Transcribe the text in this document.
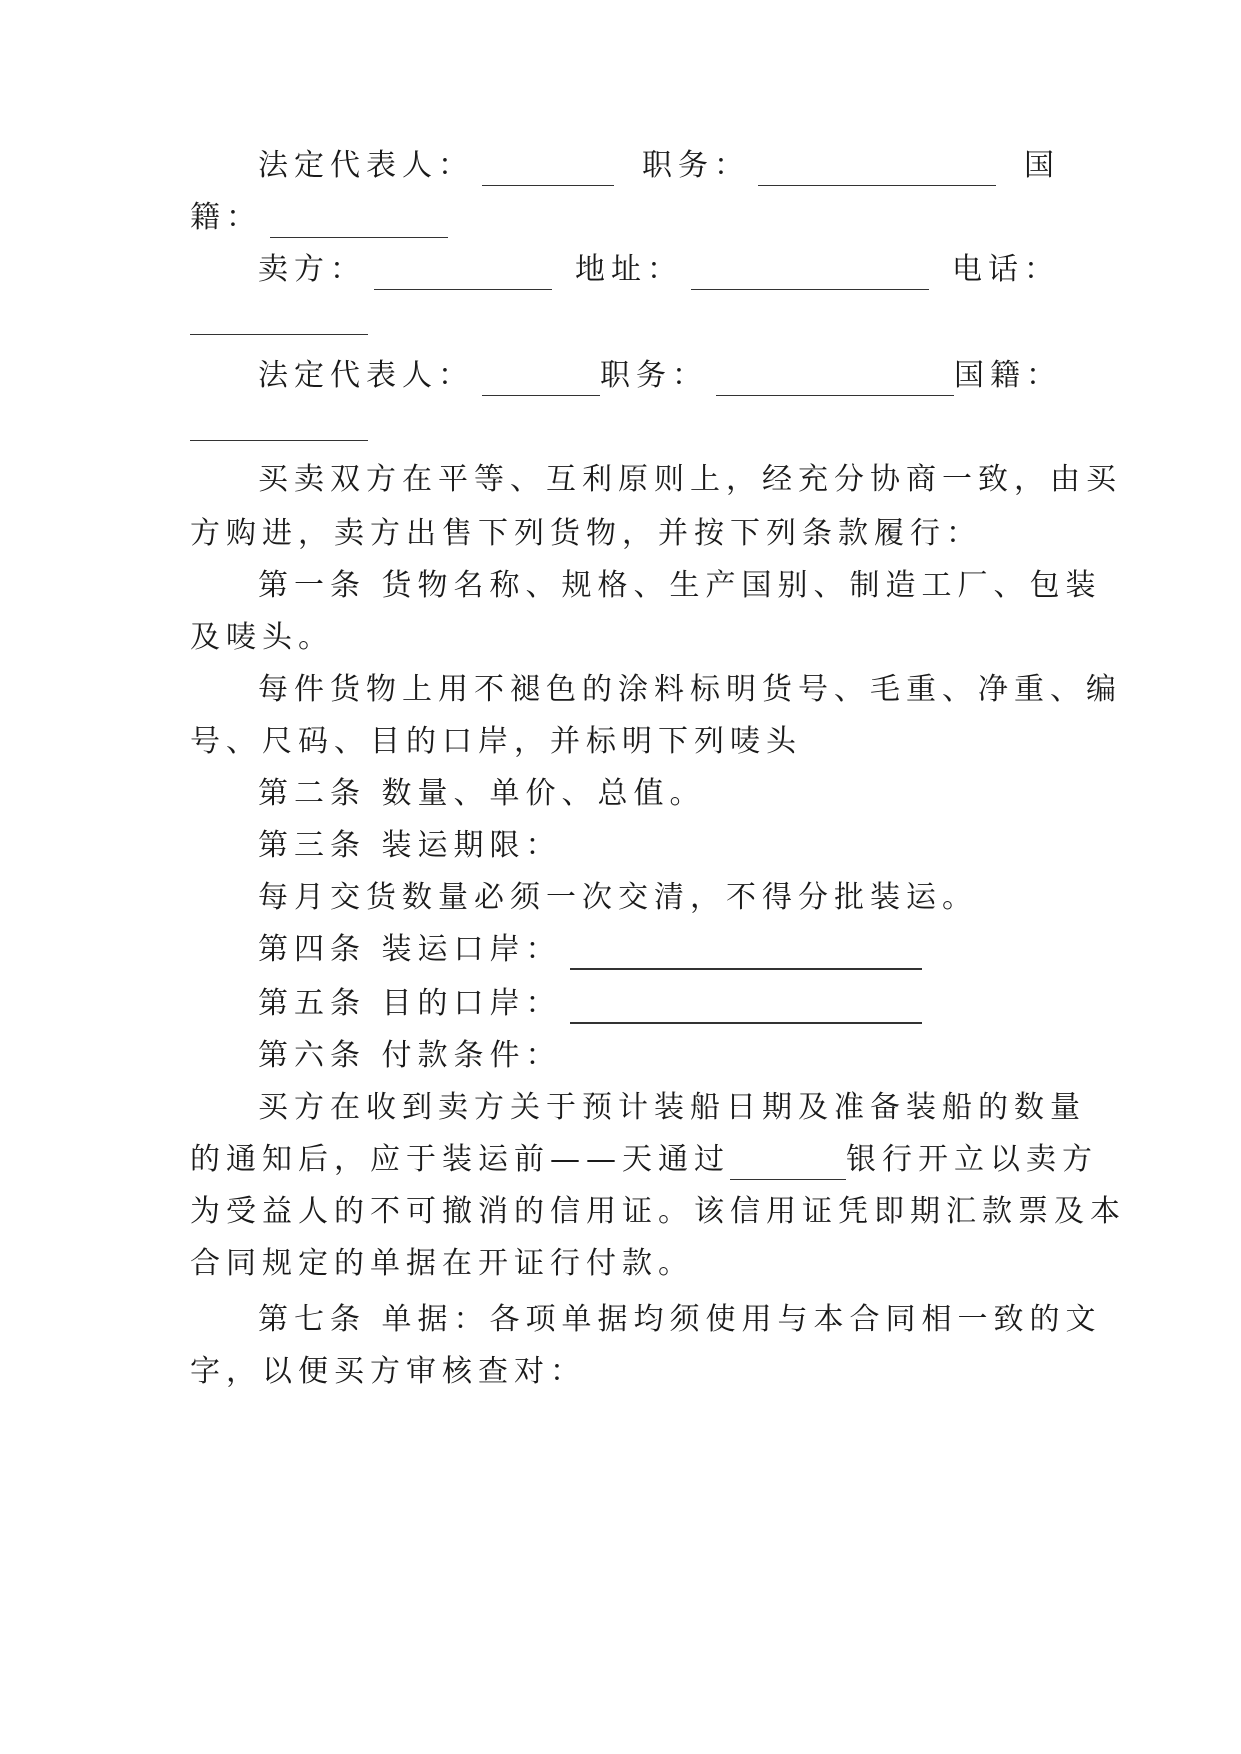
法定代表人：	职务：	国
籍：
卖方：	地址：	电话：
法定代表人：	职务：	国籍：
买卖双方在平等、互利原则上，经充分协商一致，由买
方购进，卖方出售下列货物，并按下列条款履行：
第一条 货物名称、规格、生产国别、制造工厂、包装
及唛头。
每件货物上用不褪色的涂料标明货号、毛重、净重、编
号、尺码、目的口岸，并标明下列唛头
第二条 数量、单价、总值。
第三条 装运期限：
每月交货数量必须一次交清，不得分批装运。
第四条 装运口岸：
第五条 目的口岸：
第六条 付款条件：
买方在收到卖方关于预计装船日期及准备装船的数量
的通知后，应于装运前——天通过	银行开立以卖方
为受益人的不可撤消的信用证。该信用证凭即期汇款票及本
合同规定的单据在开证行付款。
第七条 单据：各项单据均须使用与本合同相一致的文
字，以便买方审核查对：
